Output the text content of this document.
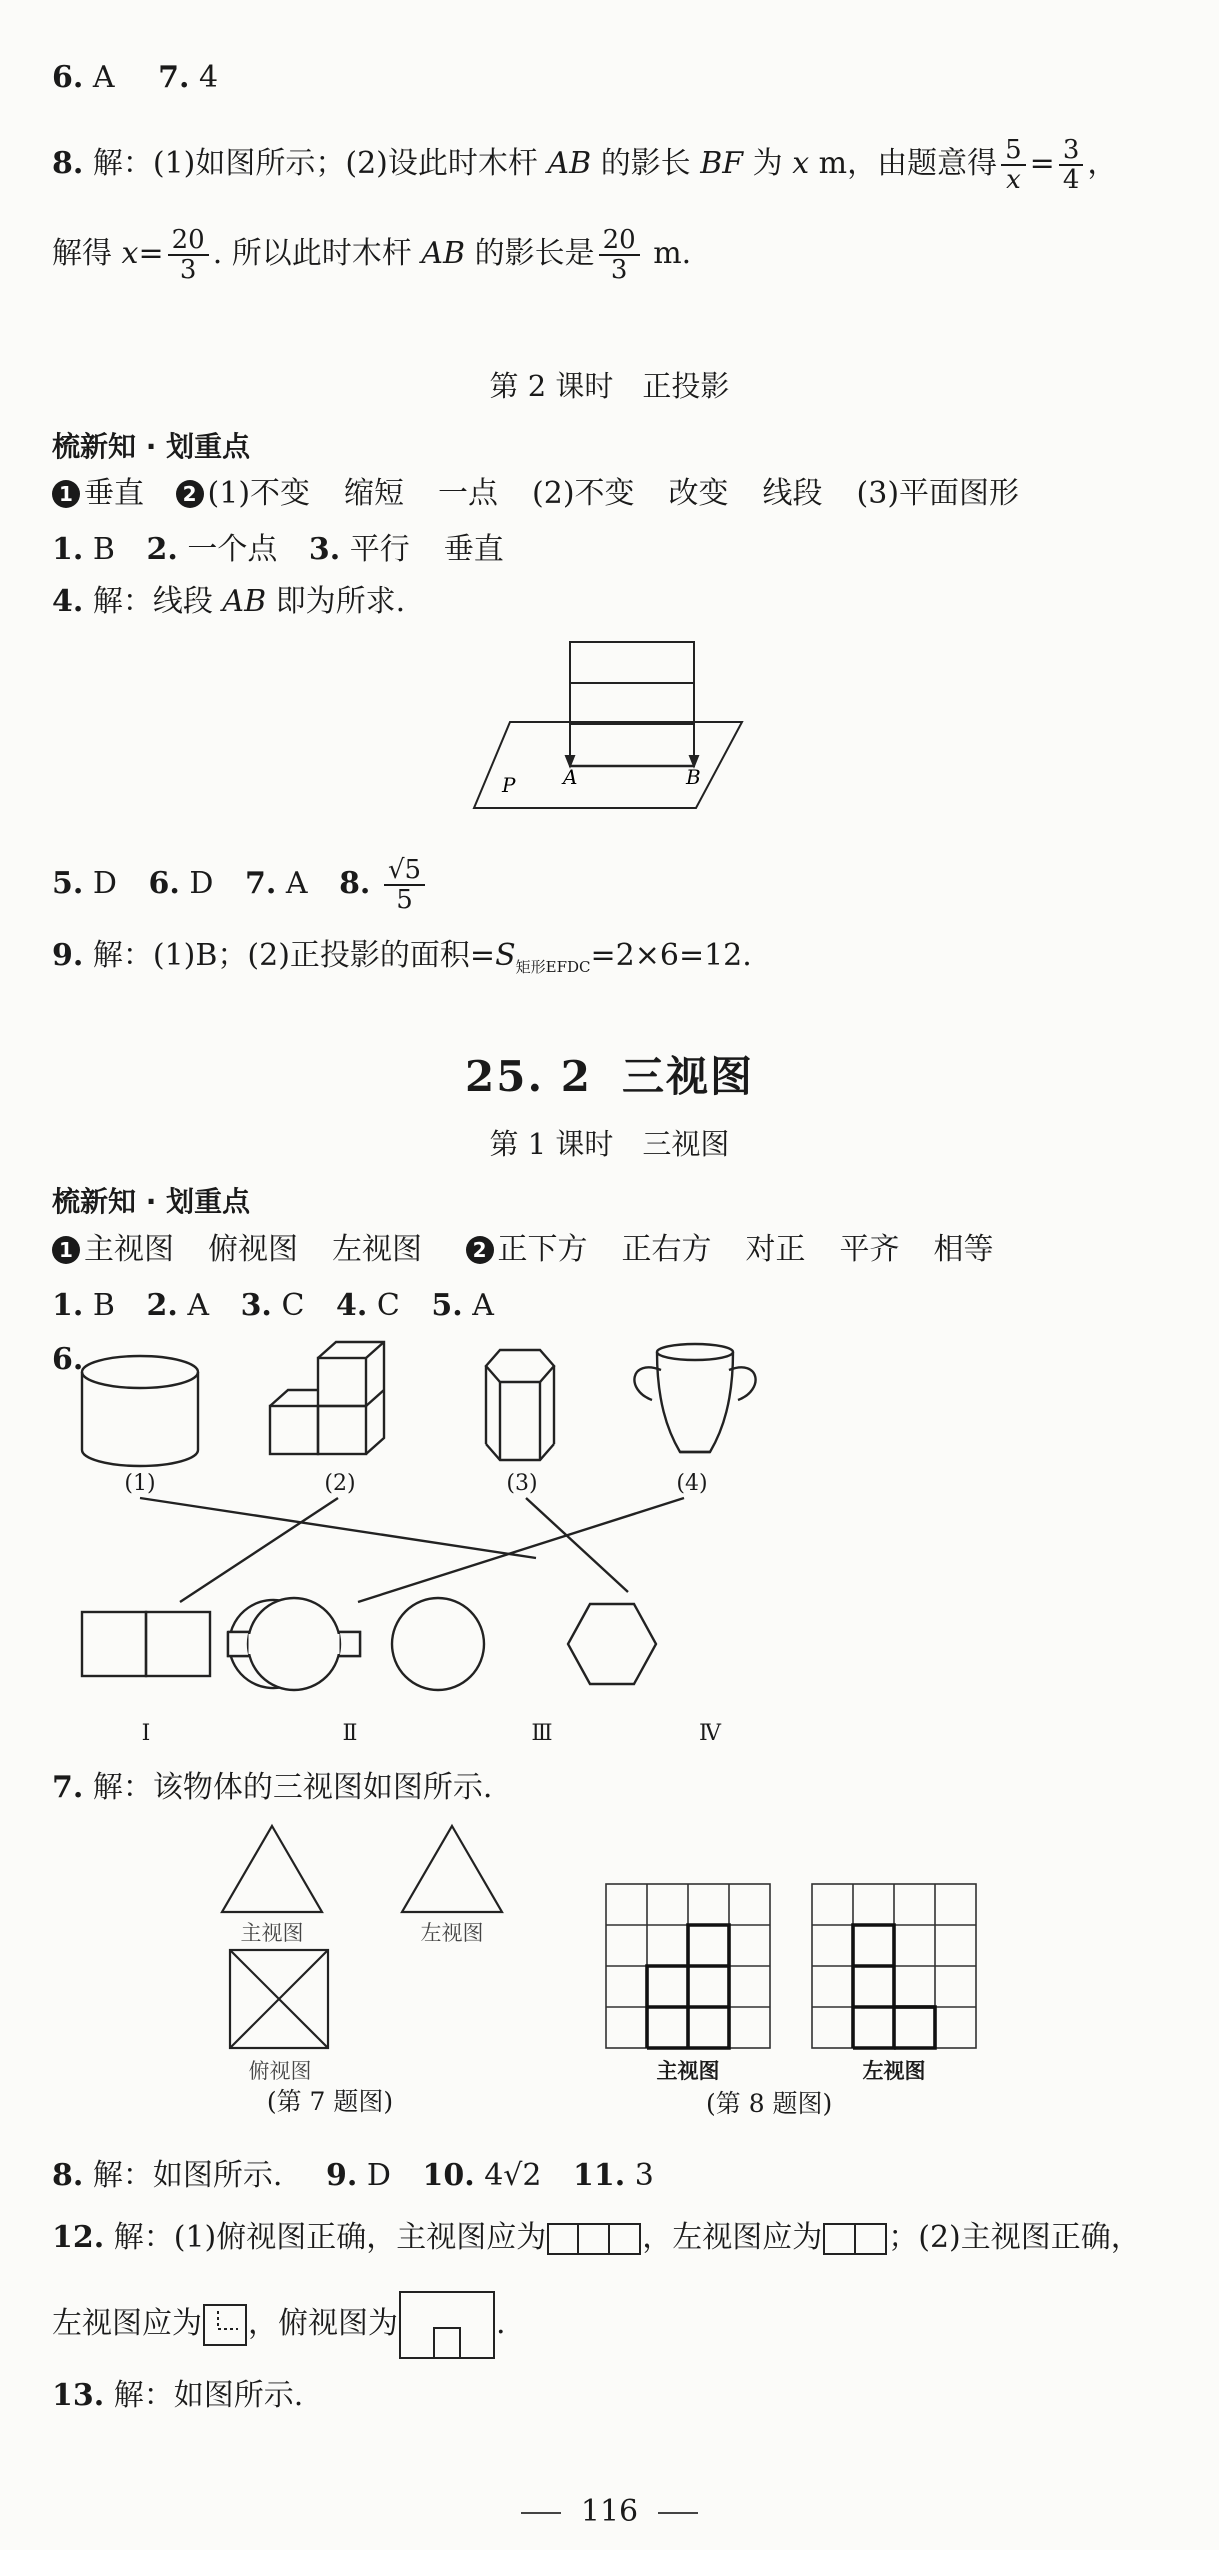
6. A 7. 4
8. 解：(1)如图所示；(2)设此时木杆 AB 的影长 BF 为 x m，由题意得 $\frac{5}{x} = \frac{3}{4}$ ，
解得 $x= \frac{20}{3}$ . 所以此时木杆 AB 的影长是 $\frac{20}{3} m$.
第 2 课时　正投影
梳新知 · 划重点
1 垂直 2 (1)不变 缩短 一点 (2)不变 改变 线段 (3)平面图形
1. B 2. 一个点 3. 平行 垂直
4. 解：线段 AB 即为所求.
P A	B
5. D 6. D 7. A 8. $\frac{√5}{5}$
9. 解：(1)B；(2)正投影的面积$=S_{矩形EFDC}=2\times 6=12$.
25. 2 三视图
第 1 课时　三视图
梳新知 · 划重点
1 主视图 俯视图 左视图	2 正下方 正右方 对正 平齐 相等
1. B 2. A 3. C 4. C 5. A
6.
(1)	(2)	(3)	(4)
Ⅰ	Ⅱ	Ⅲ	Ⅳ
7. 解：该物体的三视图如图所示.
主视图	左视图
俯视图
(第 7 题图)
主视图	左视图
(第 8 题图)
8. 解：如图所示. 9. D 10. 4√2 11. 3
12. 解：(1)俯视图正确，主视图应为	，左视图应为 ；(2)主视图正确，
左视图应为 ，俯视图为	.
13. 解：如图所示.
116
